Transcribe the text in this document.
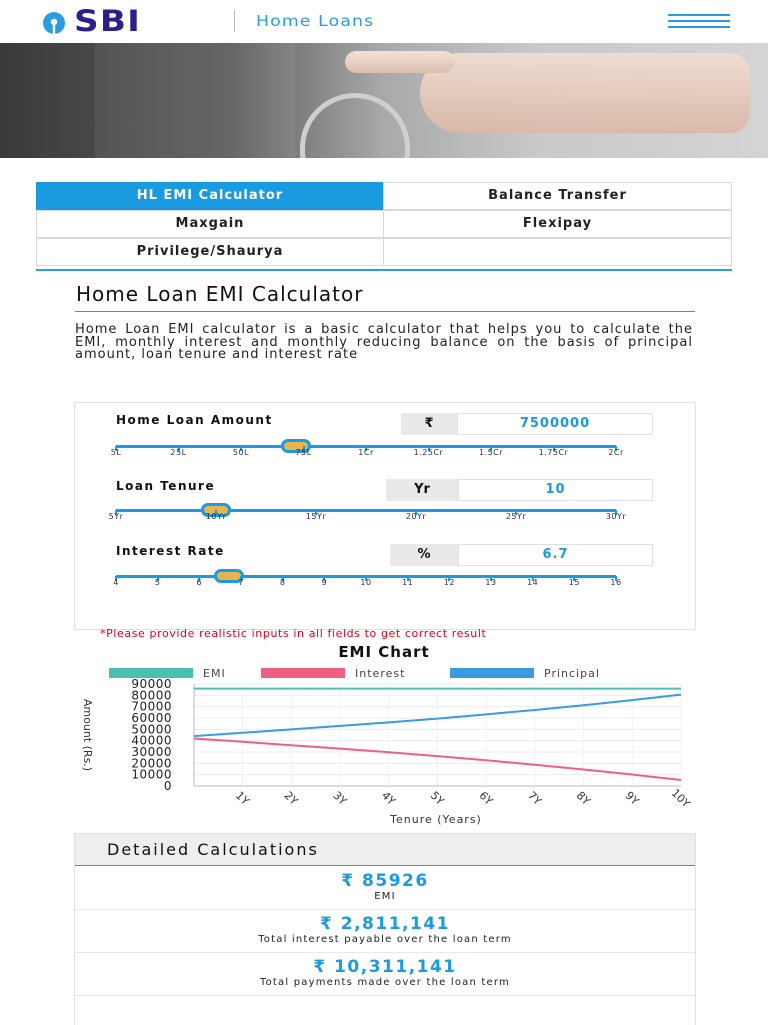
SBI	Home Loans
HL EMI Calculator	Balance Transfer
Maxgain	Flexipay
Privilege/Shaurya
Home Loan EMI Calculator
Home Loan EMI calculator is a basic calculator that helps you to calculate the EMI, monthly interest and monthly reducing balance on the basis of principal amount, loan tenure and interest rate
Home Loan Amount	₹	7500000
Loan Tenure	Yr	10
Interest Rate	%	6.7
5L	25L	50L	75L	1Cr	1.25Cr	1.5Cr	1.75Cr	2Cr
5Yr	10Yr	15Yr	20Yr	25Yr	30Yr
4	5	6	7	8	9	10	11	12	13	14	15	16
*Please provide realistic inputs in all fields to get correct result
EMI Chart
EMI	Interest	Principal
0
10000
20000
30000
40000
50000
60000
70000
80000
90000
1Y	2Y	3Y	4Y	5Y	6Y	7Y	8Y	9Y 10Y
Amount (Rs.)
Tenure (Years)
Detailed Calculations
₹ 85926
EMI
₹ 2,811,141
Total interest payable over the loan term
₹ 10,311,141
Total payments made over the loan term
